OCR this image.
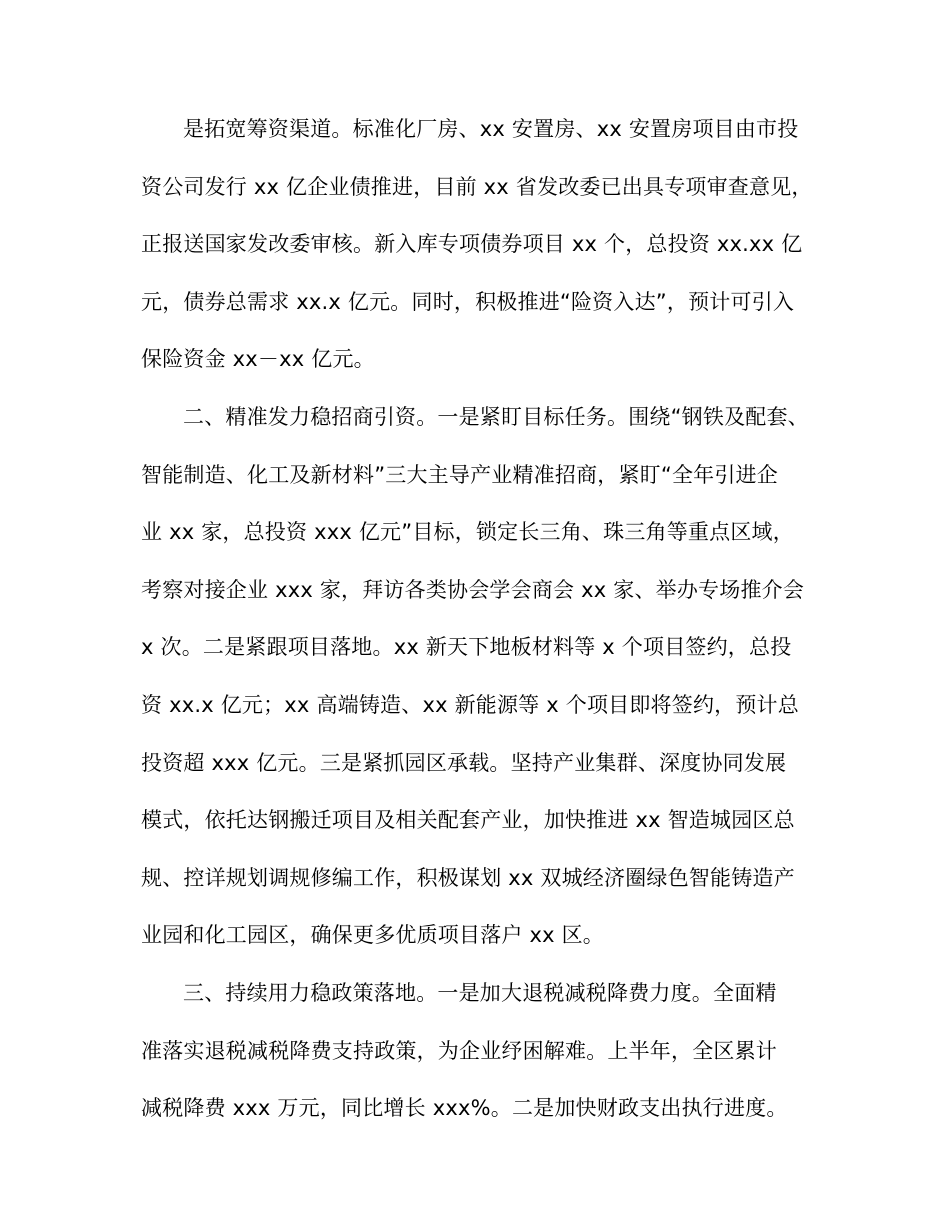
是拓宽筹资渠道。标准化厂房、xx 安置房、xx 安置房项目由市投
资公司发行 xx 亿企业债推进，目前 xx 省发改委已出具专项审查意见，
正报送国家发改委审核。新入库专项债券项目 xx 个，总投资 xx.xx 亿
元，债券总需求 xx.x 亿元。同时，积极推进“险资入达”，预计可引入
保险资金 xx－xx 亿元。
二、精准发力稳招商引资。一是紧盯目标任务。围绕“钢铁及配套、
智能制造、化工及新材料”三大主导产业精准招商，紧盯“全年引进企
业 xx 家，总投资 xxx 亿元”目标，锁定长三角、珠三角等重点区域，
考察对接企业 xxx 家，拜访各类协会学会商会 xx 家、举办专场推介会
x 次。二是紧跟项目落地。xx 新天下地板材料等 x 个项目签约，总投
资 xx.x 亿元；xx 高端铸造、xx 新能源等 x 个项目即将签约，预计总
投资超 xxx 亿元。三是紧抓园区承载。坚持产业集群、深度协同发展
模式，依托达钢搬迁项目及相关配套产业，加快推进 xx 智造城园区总
规、控详规划调规修编工作，积极谋划 xx 双城经济圈绿色智能铸造产
业园和化工园区，确保更多优质项目落户 xx 区。
三、持续用力稳政策落地。一是加大退税减税降费力度。全面精
准落实退税减税降费支持政策，为企业纾困解难。上半年，全区累计
减税降费 xxx 万元，同比增长 xxx%。二是加快财政支出执行进度。
